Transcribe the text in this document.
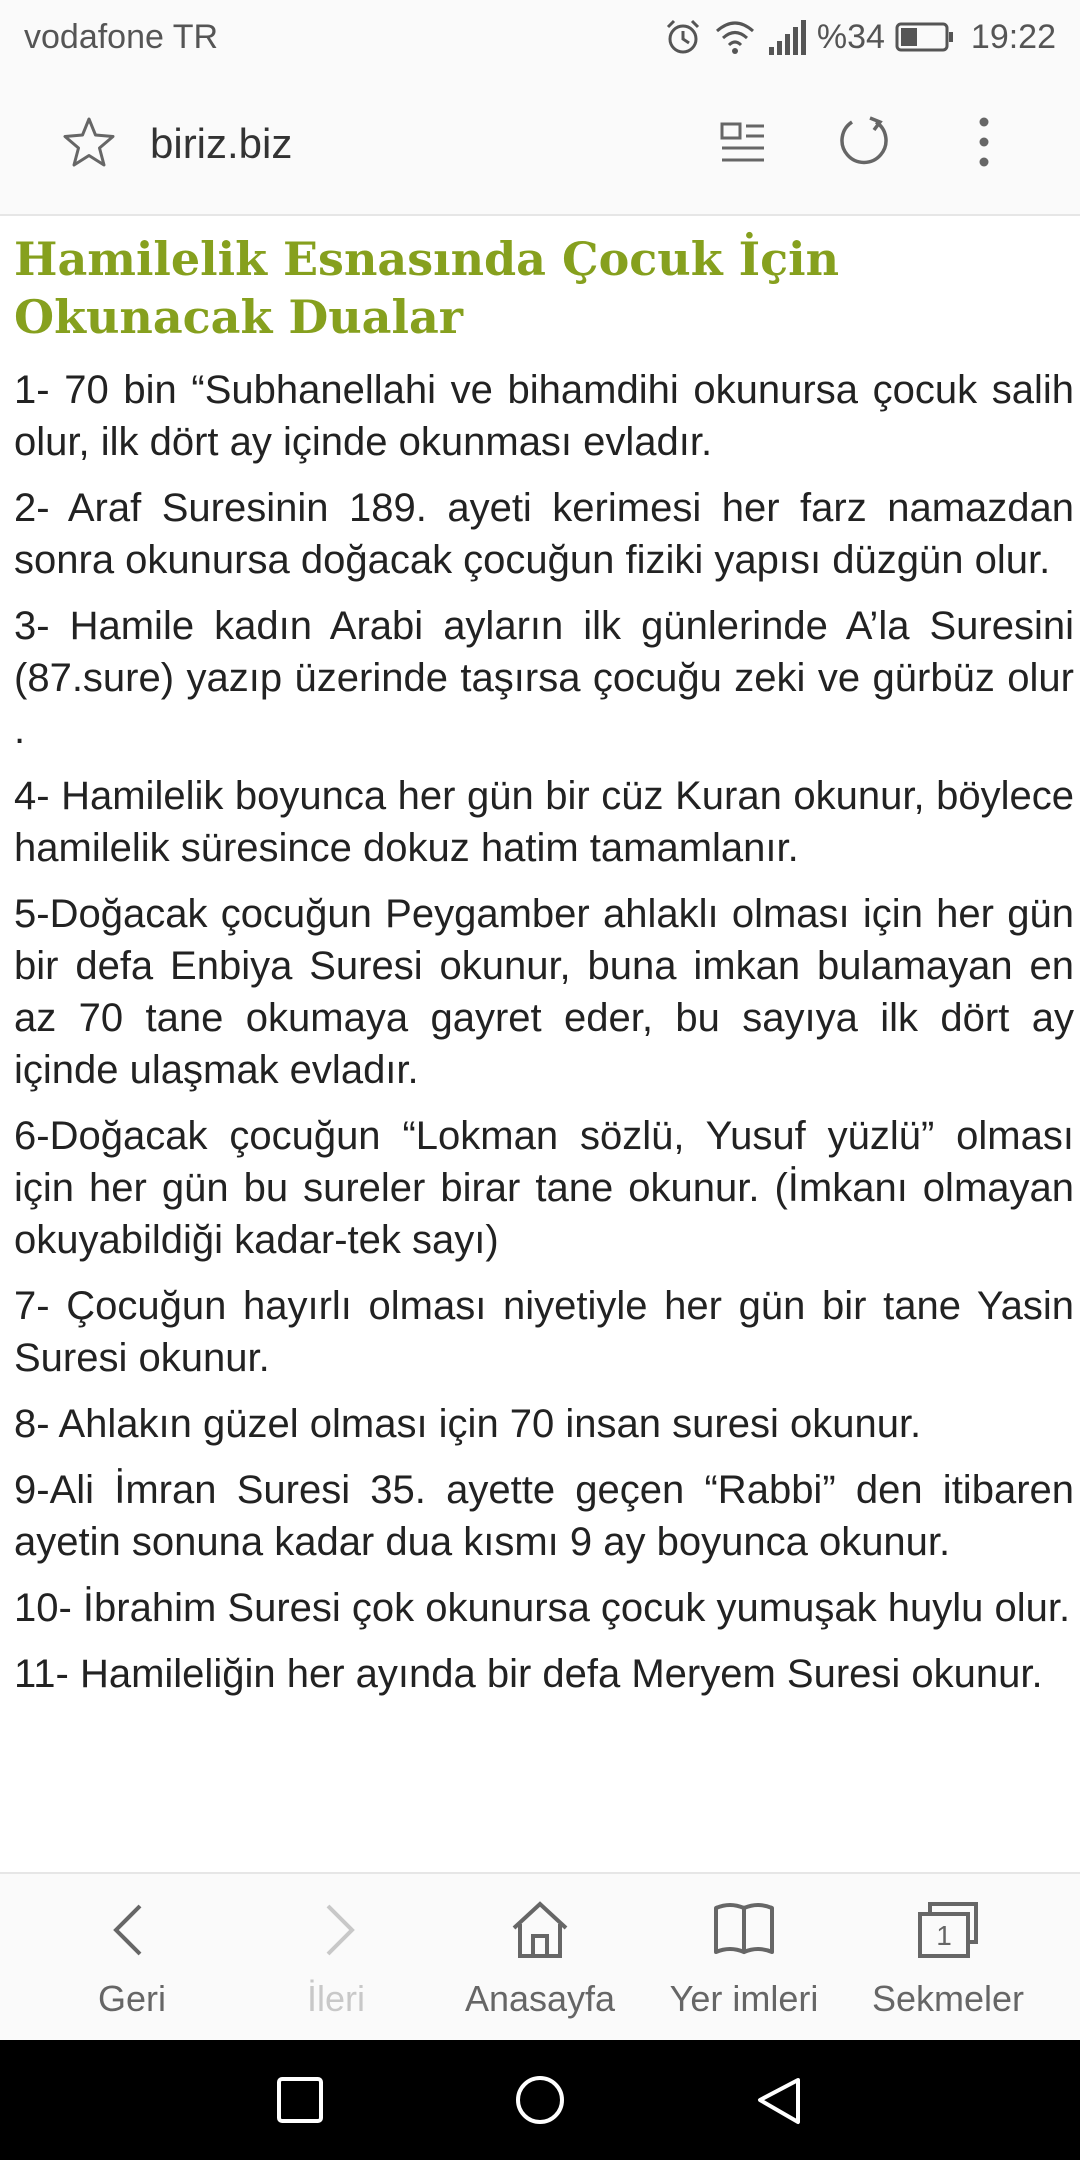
vodafone TR	%34	19:22
biriz.biz
Hamilelik Esnasında Çocuk İçin Okunacak Dualar

1- 70 bin “Subhanellahi ve bihamdihi okunursa çocuk salih olur, ilk dört ay içinde okunması evladır.

2- Araf Suresinin 189. ayeti kerimesi her farz namazdan sonra okunursa doğacak çocuğun fiziki yapısı düzgün olur.

3- Hamile kadın Arabi ayların ilk günlerinde A’la Suresini (87.sure) yazıp üzerinde taşırsa çocuğu zeki ve gürbüz olur .

4- Hamilelik boyunca her gün bir cüz Kuran okunur, böylece hamilelik süresince dokuz hatim tamamlanır.

5-Doğacak çocuğun Peygamber ahlaklı olması için her gün bir defa Enbiya Suresi okunur, buna imkan bulamayan en az 70 tane okumaya gayret eder, bu sayıya ilk dört ay içinde ulaşmak evladır.

6-Doğacak çocuğun “Lokman sözlü, Yusuf yüzlü” olması için her gün bu sureler birar tane okunur. (İmkanı olmayan okuyabildiği kadar-tek sayı)

7- Çocuğun hayırlı olması niyetiyle her gün bir tane Yasin Suresi okunur.

8- Ahlakın güzel olması için 70 insan suresi okunur.

9-Ali İmran Suresi 35. ayette geçen “Rabbi” den itibaren ayetin sonuna kadar dua kısmı 9 ay boyunca okunur.

10- İbrahim Suresi çok okunursa çocuk yumuşak huylu olur.

11- Hamileliğin her ayında bir defa Meryem Suresi okunur.

Geri	İleri	Anasayfa	Yer imleri
1
Sekmeler
